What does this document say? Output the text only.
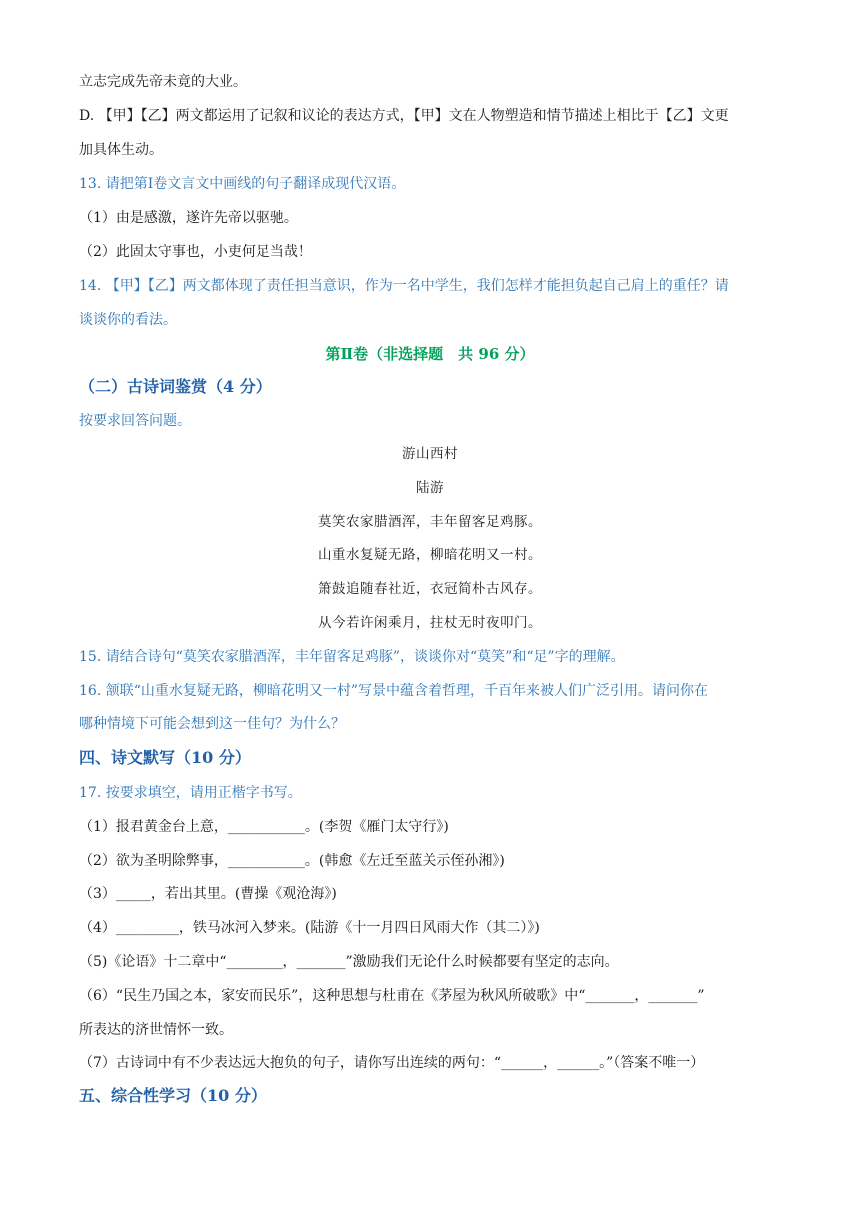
立志完成先帝未竟的大业。
D. 【甲】【乙】两文都运用了记叙和议论的表达方式，【甲】文在人物塑造和情节描述上相比于【乙】文更
加具体生动。
13. 请把第Ⅰ卷文言文中画线的句子翻译成现代汉语。
（1）由是感激，遂许先帝以驱驰。
（2）此固太守事也，小吏何足当哉！
14. 【甲】【乙】两文都体现了责任担当意识，作为一名中学生，我们怎样才能担负起自己肩上的重任？请
谈谈你的看法。
第Ⅱ卷（非选择题　共 96 分）
（二）古诗词鉴赏（4 分）
按要求回答问题。
游山西村
陆游
莫笑农家腊酒浑，丰年留客足鸡豚。
山重水复疑无路，柳暗花明又一村。
箫鼓追随春社近，衣冠简朴古风存。
从今若许闲乘月，拄杖无时夜叩门。
15. 请结合诗句“莫笑农家腊酒浑，丰年留客足鸡豚”，谈谈你对“莫笑”和“足”字的理解。
16. 颔联“山重水复疑无路，柳暗花明又一村”写景中蕴含着哲理，千百年来被人们广泛引用。请问你在
哪种情境下可能会想到这一佳句？为什么？
四、诗文默写（10 分）
17. 按要求填空，请用正楷字书写。
（1）报君黄金台上意，___________。(李贺《雁门太守行》)
（2）欲为圣明除弊事，___________。(韩愈《左迁至蓝关示侄孙湘》)
（3）_____，若出其里。(曹操《观沧海》)
（4）_________，铁马冰河入梦来。(陆游《十一月四日风雨大作（其二）》)
（5)《论语》十二章中“________，_______”激励我们无论什么时候都要有坚定的志向。
（6）“民生乃国之本，家安而民乐”，这种思想与杜甫在《茅屋为秋风所破歌》中“_______，_______”
所表达的济世情怀一致。
（7）古诗词中有不少表达远大抱负的句子，请你写出连续的两句：“______，______。”（答案不唯一）
五、综合性学习（10 分）
